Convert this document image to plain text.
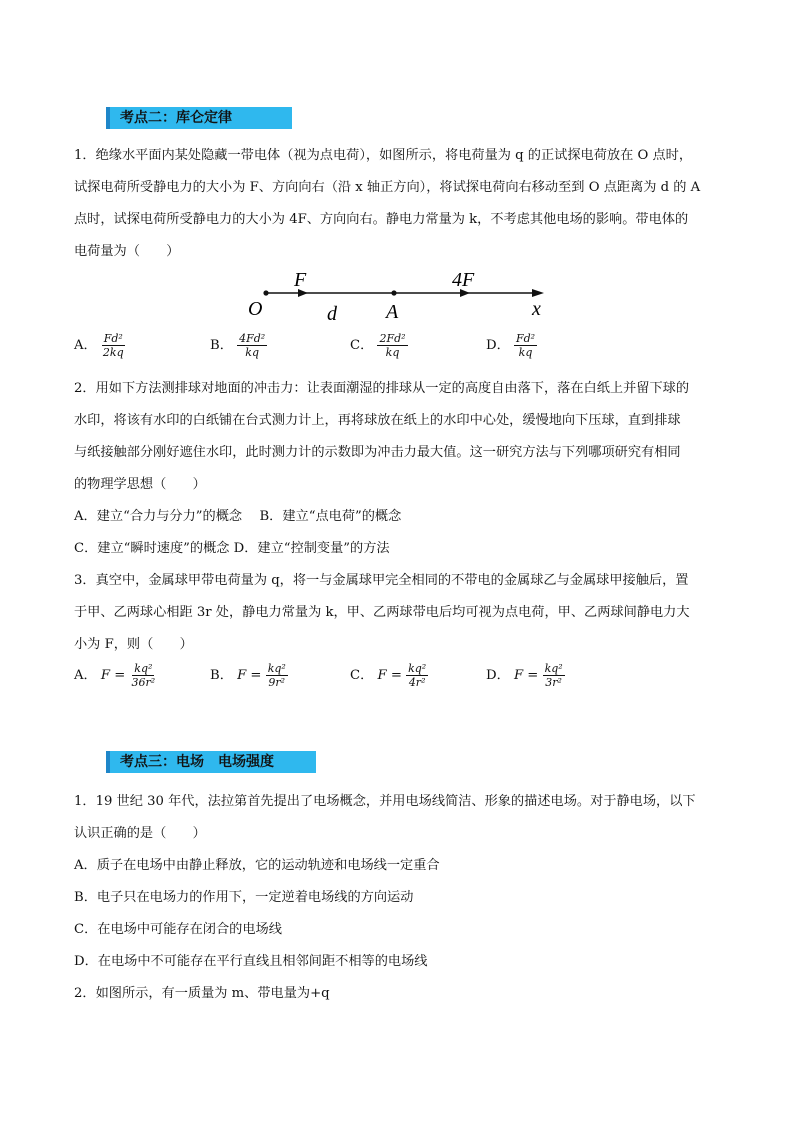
考点二：库仑定律
1．绝缘水平面内某处隐藏一带电体（视为点电荷），如图所示，将电荷量为 q 的正试探电荷放在 O 点时，
试探电荷所受静电力的大小为 F、方向向右（沿 x 轴正方向），将试探电荷向右移动至到 O 点距离为 d 的 A
点时，试探电荷所受静电力的大小为 4F、方向向右。静电力常量为 k，不考虑其他电场的影响。带电体的
电荷量为（　　）
O
F
d A
4F
x
A． $\frac{\text{Fd²}}{2kq}$	B． $\frac{\text{4Fd²}}{kq}$	C． $\frac{\text{2Fd²}}{kq}$	D． $\frac{\text{Fd²}}{kq}$
2．用如下方法测排球对地面的冲击力：让表面潮湿的排球从一定的高度自由落下，落在白纸上并留下球的
水印，将该有水印的白纸铺在台式测力计上，再将球放在纸上的水印中心处，缓慢地向下压球，直到排球
与纸接触部分刚好遮住水印，此时测力计的示数即为冲击力最大值。这一研究方法与下列哪项研究有相同
的物理学思想（　　）
A．建立“合力与分力”的概念　 B．建立“点电荷”的概念
C．建立“瞬时速度”的概念 D．建立“控制变量”的方法
3．真空中，金属球甲带电荷量为 q，将一与金属球甲完全相同的不带电的金属球乙与金属球甲接触后，置
于甲、乙两球心相距 3r 处，静电力常量为 k，甲、乙两球带电后均可视为点电荷，甲、乙两球间静电力大
小为 F，则（　　）
A． $F = \frac{\text{kq²}}{\text{36r²}}$	B． $F = \frac{\text{kq²}}{\text{9r²}}$	C． $F = \frac{\text{kq²}}{\text{4r²}}$	D． $F = \frac{\text{kq²}}{\text{3r²}}$
考点三：电场　电场强度
1．19 世纪 30 年代，法拉第首先提出了电场概念，并用电场线简洁、形象的描述电场。对于静电场，以下
认识正确的是（　　）
A．质子在电场中由静止释放，它的运动轨迹和电场线一定重合
B．电子只在电场力的作用下，一定逆着电场线的方向运动
C．在电场中可能存在闭合的电场线
D．在电场中不可能存在平行直线且相邻间距不相等的电场线
2．如图所示，有一质量为 m、带电量为+q
